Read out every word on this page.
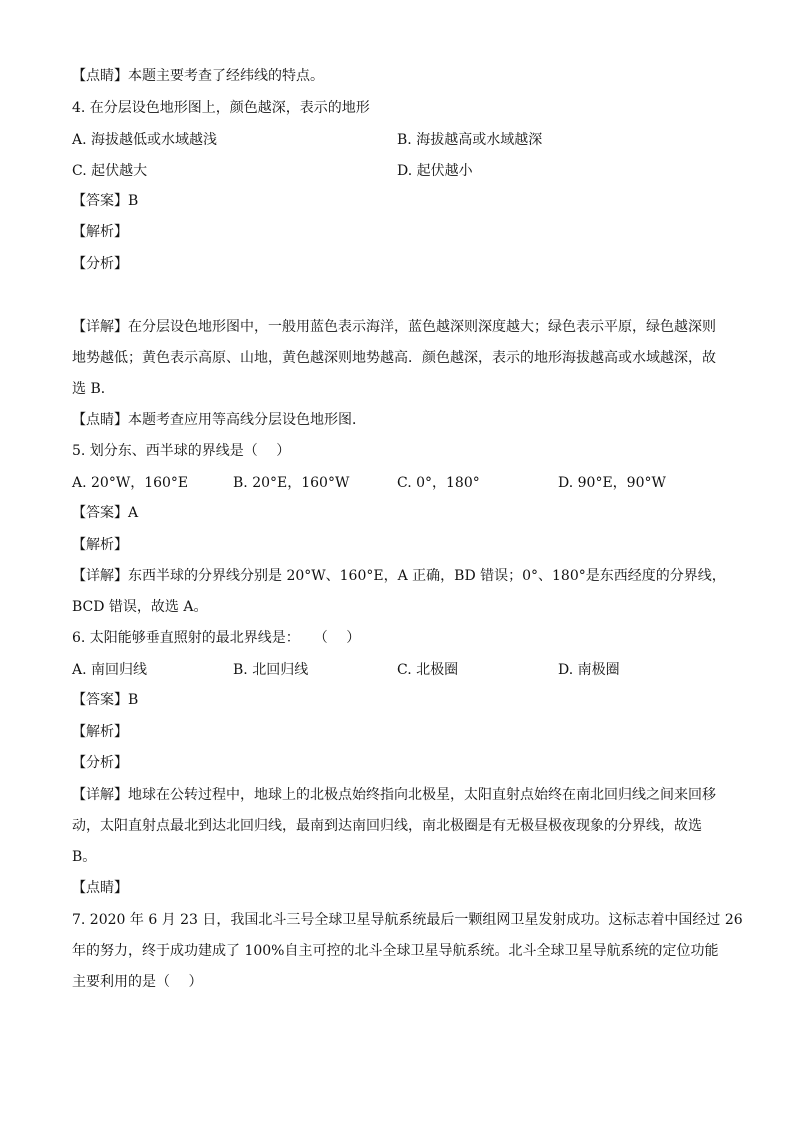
【点睛】本题主要考查了经纬线的特点。
4. 在分层设色地形图上，颜色越深，表示的地形
A. 海拔越低或水域越浅	B. 海拔越高或水域越深
C. 起伏越大	D. 起伏越小
【答案】B
【解析】
【分析】
【详解】在分层设色地形图中，一般用蓝色表示海洋，蓝色越深则深度越大；绿色表示平原，绿色越深则
地势越低；黄色表示高原、山地，黄色越深则地势越高．颜色越深，表示的地形海拔越高或水域越深，故
选 B．
【点睛】本题考查应用等高线分层设色地形图．
5. 划分东、西半球的界线是（　 ）
A. 20°W，160°E	B. 20°E，160°W	C. 0°，180°	D. 90°E，90°W
【答案】A
【解析】
【详解】东西半球的分界线分别是 20°W、160°E，A 正确，BD 错误；0°、180°是东西经度的分界线，
BCD 错误，故选 A。
6. 太阳能够垂直照射的最北界线是：　　（　 ）
A. 南回归线	B. 北回归线	C. 北极圈	D. 南极圈
【答案】B
【解析】
【分析】
【详解】地球在公转过程中，地球上的北极点始终指向北极星，太阳直射点始终在南北回归线之间来回移
动，太阳直射点最北到达北回归线，最南到达南回归线，南北极圈是有无极昼极夜现象的分界线，故选
B。
【点睛】
7. 2020 年 6 月 23 日，我国北斗三号全球卫星导航系统最后一颗组网卫星发射成功。这标志着中国经过 26
年的努力，终于成功建成了 100%自主可控的北斗全球卫星导航系统。北斗全球卫星导航系统的定位功能
主要利用的是（　 ）
